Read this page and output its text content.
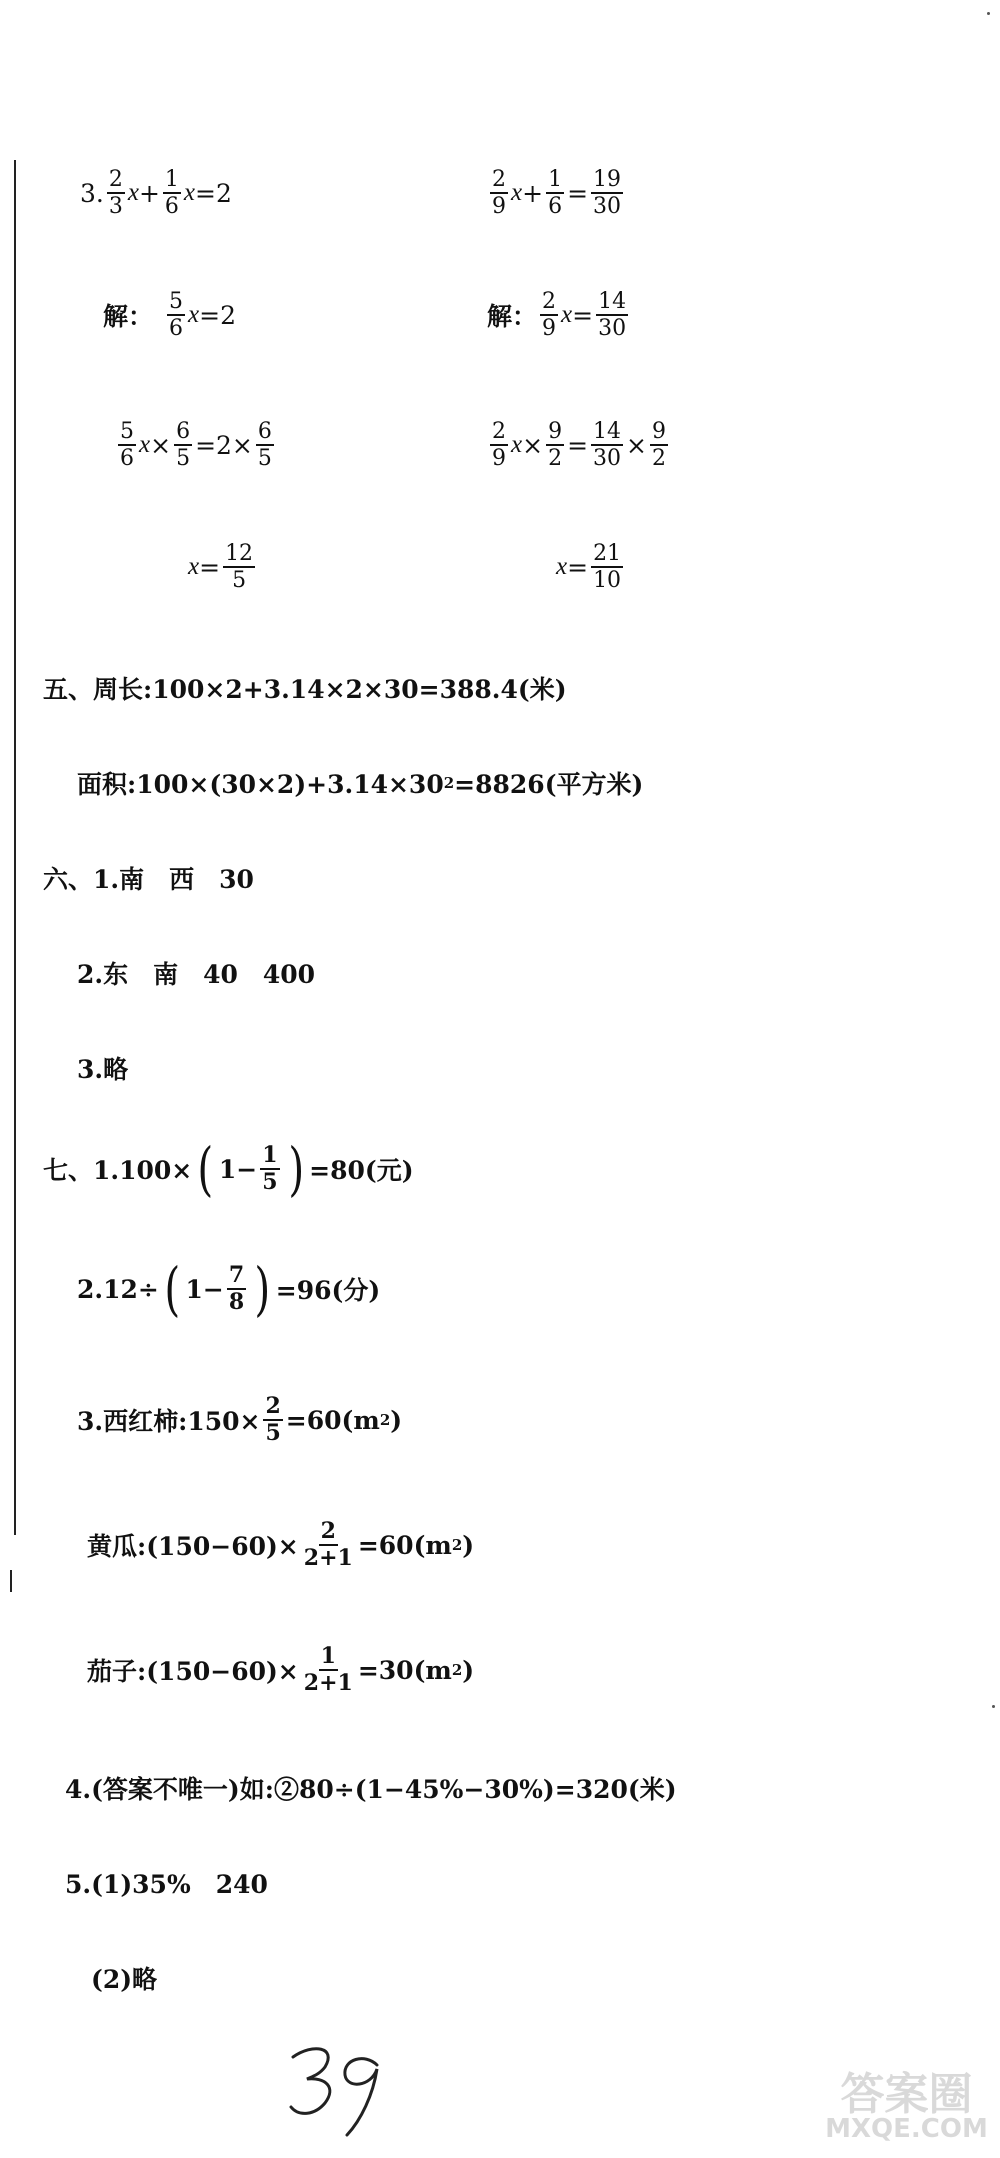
3. $\frac{2}{3}$ $x + \frac{1}{6}$ x =2
解： $\frac{5}{6}$ x =2
$\frac{5}{6}$ $x \times \frac{6}{5} =2\times \frac{6}{5}$
$x = \frac{12}{5}$
$\frac{2}{9}$ $x + \frac{1}{6} = \frac{19}{30}$
解： $\frac{2}{9}$ $x = \frac{14}{30}$
$\frac{2}{9}$ $x \times \frac{9}{2} = \frac{14}{30} \times \frac{9}{2}$
$x = \frac{21}{10}$
五、周长:100×2+3.14×2×30=388.4(米)
面积:100×(30×2)+3.14×30 2 =8826(平方米)
六、1.南　西　30
2.东　南　40　400
3.略
七、1.100× ( $1- \frac{1}{5}$ ) =80(元)
2.12÷ ( $1- \frac{7}{8}$ ) =96(分)
3.西红柿:150× $\frac{2}{5} =60(m$ 2 )
黄瓜:(150−60)× $\frac{2}{2+1} =60(m$ 2 )
茄子:(150−60)× $\frac{1}{2+1} =30(m$ 2 )
4.(答案不唯一)如:②80÷(1−45%−30%)=320(米)
5.(1)35%　240
(2)略
答案圈
MXQE.COM
